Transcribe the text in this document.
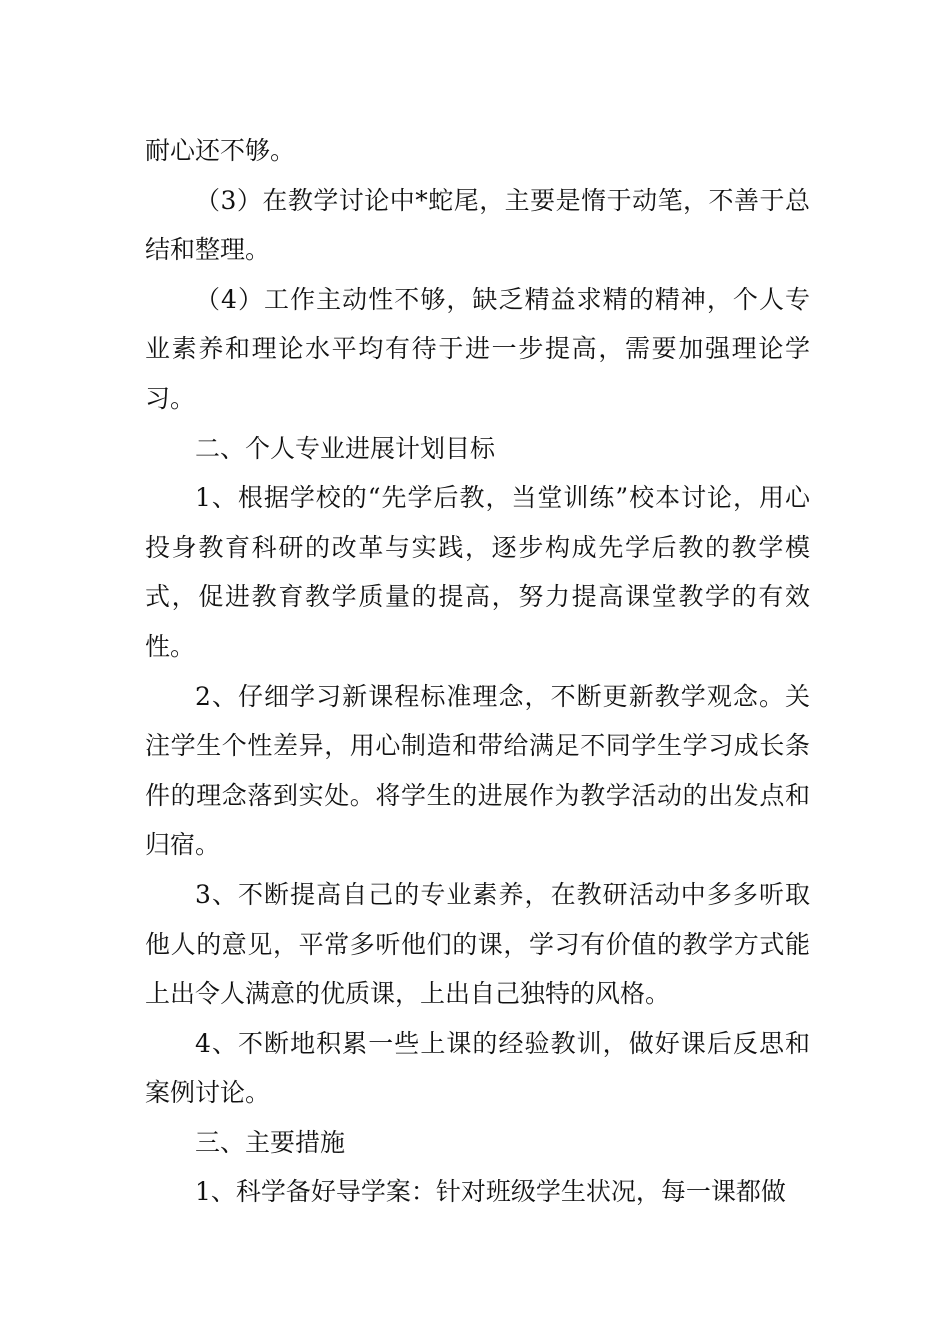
耐心还不够。

（3）在教学讨论中*蛇尾，主要是惰于动笔，不善于总结和整理。

（4）工作主动性不够，缺乏精益求精的精神，个人专业素养和理论水平均有待于进一步提高，需要加强理论学习。

二、个人专业进展计划目标

1、根据学校的“先学后教，当堂训练”校本讨论，用心投身教育科研的改革与实践，逐步构成先学后教的教学模式，促进教育教学质量的提高，努力提高课堂教学的有效性。

2、仔细学习新课程标准理念，不断更新教学观念。关注学生个性差异，用心制造和带给满足不同学生学习成长条件的理念落到实处。将学生的进展作为教学活动的出发点和归宿。

3、不断提高自己的专业素养，在教研活动中多多听取他人的意见，平常多听他们的课，学习有价值的教学方式能上出令人满意的优质课，上出自己独特的风格。

4、不断地积累一些上课的经验教训，做好课后反思和案例讨论。

三、主要措施

1、科学备好导学案：针对班级学生状况，每一课都做
